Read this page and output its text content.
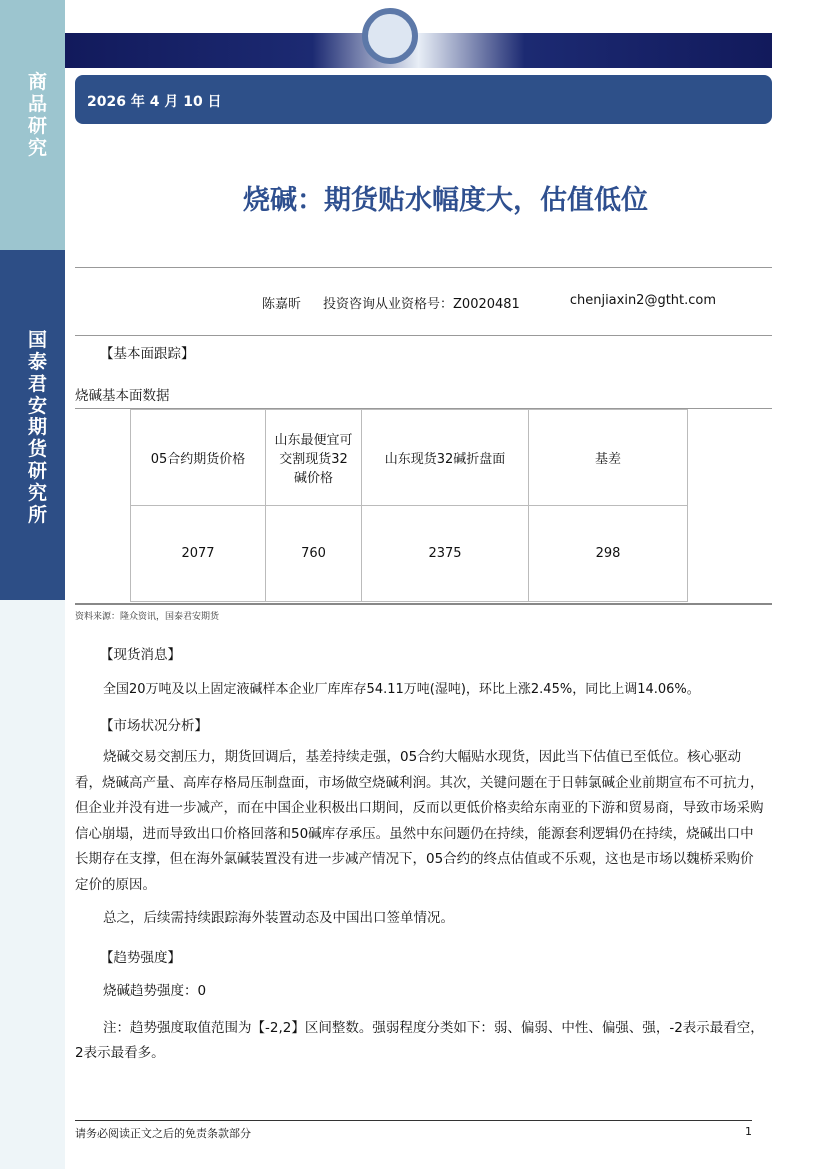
商品研究
国泰君安期货研究所
2026 年 4 月 10 日
烧碱：期货贴水幅度大，估值低位
陈嘉昕 投资咨询从业资格号：Z0020481	chenjiaxin2@gtht.com
【基本面跟踪】
烧碱基本面数据
05合约期货价格	山东最便宜可交割现货32碱价格	山东现货32碱折盘面	基差
2077	760	2375	298
资料来源：隆众资讯，国泰君安期货
【现货消息】
全国20万吨及以上固定液碱样本企业厂库库存54.11万吨(湿吨)，环比上涨2.45%，同比上调14.06%。
【市场状况分析】
烧碱交易交割压力，期货回调后，基差持续走强，05合约大幅贴水现货，因此当下估值已至低位。核心驱动看，烧碱高产量、高库存格局压制盘面，市场做空烧碱利润。其次，关键问题在于日韩氯碱企业前期宣布不可抗力，但企业并没有进一步减产，而在中国企业积极出口期间，反而以更低价格卖给东南亚的下游和贸易商，导致市场采购信心崩塌，进而导致出口价格回落和50碱库存承压。虽然中东问题仍在持续，能源套利逻辑仍在持续，烧碱出口中长期存在支撑，但在海外氯碱装置没有进一步减产情况下，05合约的终点估值或不乐观，这也是市场以魏桥采购价定价的原因。
总之，后续需持续跟踪海外装置动态及中国出口签单情况。
【趋势强度】
烧碱趋势强度：0
注：趋势强度取值范围为【-2,2】区间整数。强弱程度分类如下：弱、偏弱、中性、偏强、强，-2表示最看空，2表示最看多。
请务必阅读正文之后的免责条款部分	1
